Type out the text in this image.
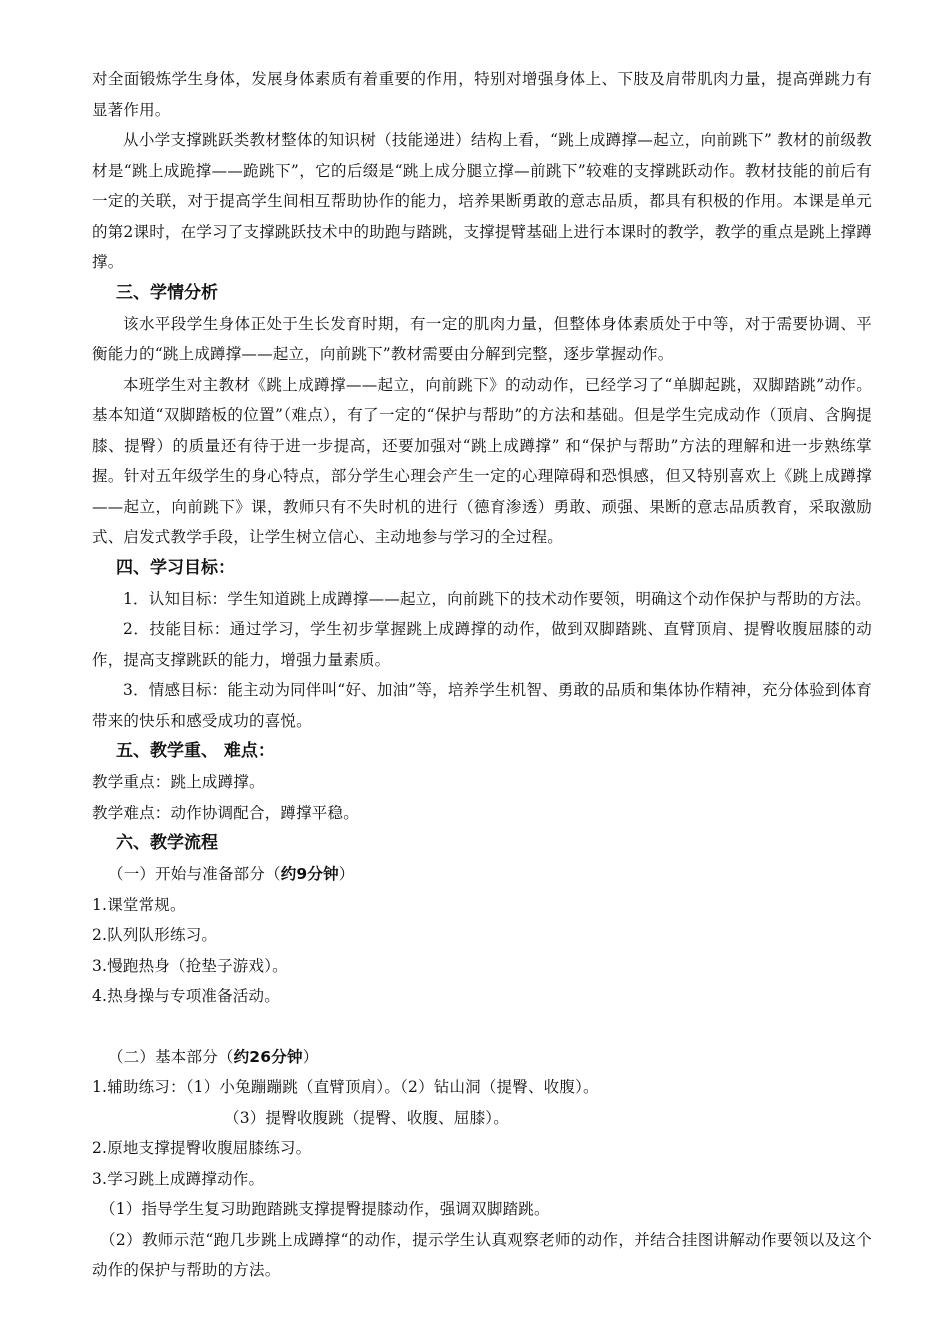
对全面锻炼学生身体，发展身体素质有着重要的作用，特别对增强身体上、下肢及肩带肌肉力量，提高弹跳力有显著作用。

从小学支撑跳跃类教材整体的知识树（技能递进）结构上看，“跳上成蹲撑—起立，向前跳下” 教材的前级教材是“跳上成跪撑——跪跳下”，它的后缀是“跳上成分腿立撑—前跳下”较难的支撑跳跃动作。教材技能的前后有一定的关联，对于提高学生间相互帮助协作的能力，培养果断勇敢的意志品质，都具有积极的作用。本课是单元的第2课时，在学习了支撑跳跃技术中的助跑与踏跳，支撑提臂基础上进行本课时的教学，教学的重点是跳上撑蹲撑。

三、学情分析

该水平段学生身体正处于生长发育时期，有一定的肌肉力量，但整体身体素质处于中等，对于需要协调、平衡能力的“跳上成蹲撑——起立，向前跳下”教材需要由分解到完整，逐步掌握动作。

本班学生对主教材《跳上成蹲撑——起立，向前跳下》的动动作，已经学习了“单脚起跳，双脚踏跳”动作。基本知道“双脚踏板的位置”（难点），有了一定的“保护与帮助”的方法和基础。但是学生完成动作（顶肩、含胸提膝、提臀）的质量还有待于进一步提高，还要加强对“跳上成蹲撑” 和“保护与帮助”方法的理解和进一步熟练掌握。针对五年级学生的身心特点，部分学生心理会产生一定的心理障碍和恐惧感，但又特别喜欢上《跳上成蹲撑——起立，向前跳下》课，教师只有不失时机的进行（德育渗透）勇敢、顽强、果断的意志品质教育，采取激励式、启发式教学手段，让学生树立信心、主动地参与学习的全过程。

四、学习目标：

1．认知目标：学生知道跳上成蹲撑——起立，向前跳下的技术动作要领，明确这个动作保护与帮助的方法。

2．技能目标：通过学习，学生初步掌握跳上成蹲撑的动作，做到双脚踏跳、直臂顶肩、提臀收腹屈膝的动作，提高支撑跳跃的能力，增强力量素质。

3．情感目标：能主动为同伴叫“好、加油”等，培养学生机智、勇敢的品质和集体协作精神，充分体验到体育带来的快乐和感受成功的喜悦。

五、教学重、 难点：

教学重点：跳上成蹲撑。

教学难点：动作协调配合，蹲撑平稳。

六、教学流程

（一）开始与准备部分（约9分钟）

1.课堂常规。

2.队列队形练习。

3.慢跑热身（抢垫子游戏）。

4.热身操与专项准备活动。

（二）基本部分（约26分钟）

1.辅助练习：（1）小兔蹦蹦跳（直臂顶肩）。（2）钻山洞（提臀、收腹）。

（3）提臀收腹跳（提臀、收腹、屈膝）。

2.原地支撑提臀收腹屈膝练习。

3.学习跳上成蹲撑动作。

（1）指导学生复习助跑踏跳支撑提臀提膝动作，强调双脚踏跳。

（2）教师示范“跑几步跳上成蹲撑“的动作，提示学生认真观察老师的动作，并结合挂图讲解动作要领以及这个动作的保护与帮助的方法。
